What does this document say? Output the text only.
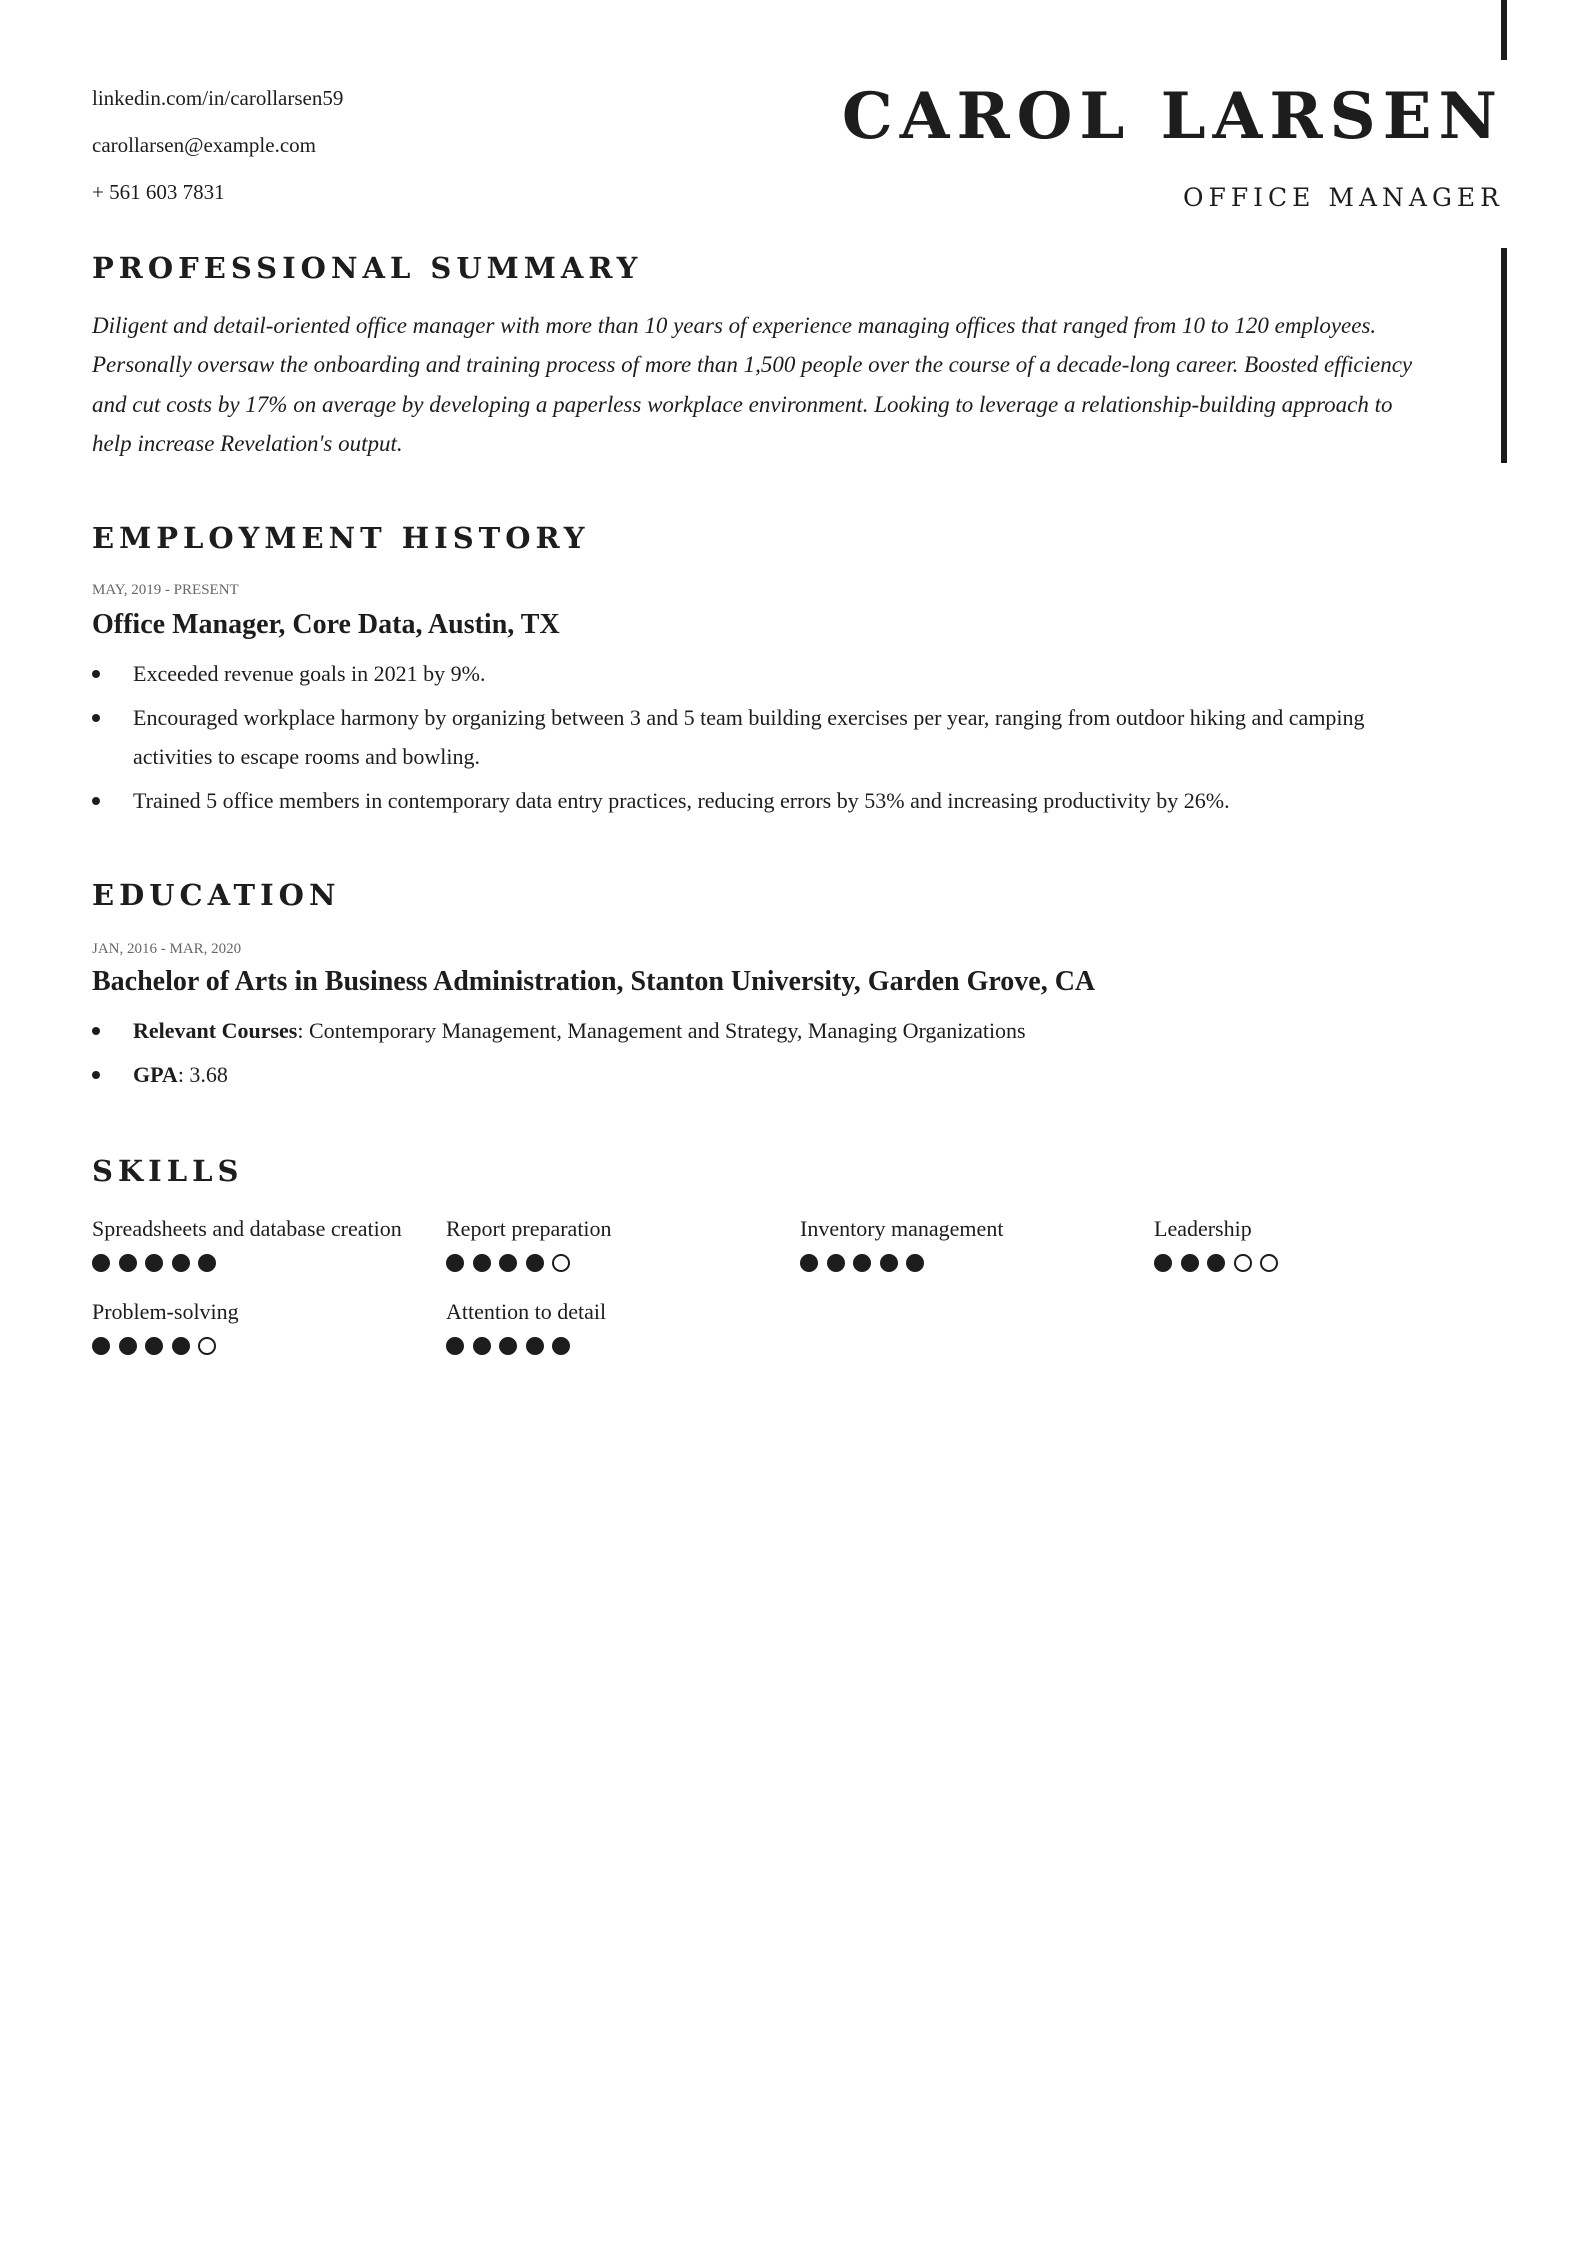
linkedin.com/in/carollarsen59
carollarsen@example.com
+ 561 603 7831
CAROL LARSEN
OFFICE MANAGER
PROFESSIONAL SUMMARY

Diligent and detail-oriented office manager with more than 10 years of experience managing offices that ranged from 10 to 120 employees. Personally oversaw the onboarding and training process of more than 1,500 people over the course of a decade-long career. Boosted efficiency and cut costs by 17% on average by developing a paperless workplace environment. Looking to leverage a relationship-building approach to help increase Revelation's output.

EMPLOYMENT HISTORY
MAY, 2019 - PRESENT
Office Manager, Core Data, Austin, TX
Exceeded revenue goals in 2021 by 9%.
Encouraged workplace harmony by organizing between 3 and 5 team building exercises per year, ranging from outdoor hiking and camping activities to escape rooms and bowling.
Trained 5 office members in contemporary data entry practices, reducing errors by 53% and increasing productivity by 26%.
EDUCATION
JAN, 2016 - MAR, 2020
Bachelor of Arts in Business Administration, Stanton University, Garden Grove, CA
Relevant Courses: Contemporary Management, Management and Strategy, Managing Organizations
GPA: 3.68
SKILLS
Spreadsheets and database creation	Report preparation	Inventory management	Leadership
Problem-solving	Attention to detail
